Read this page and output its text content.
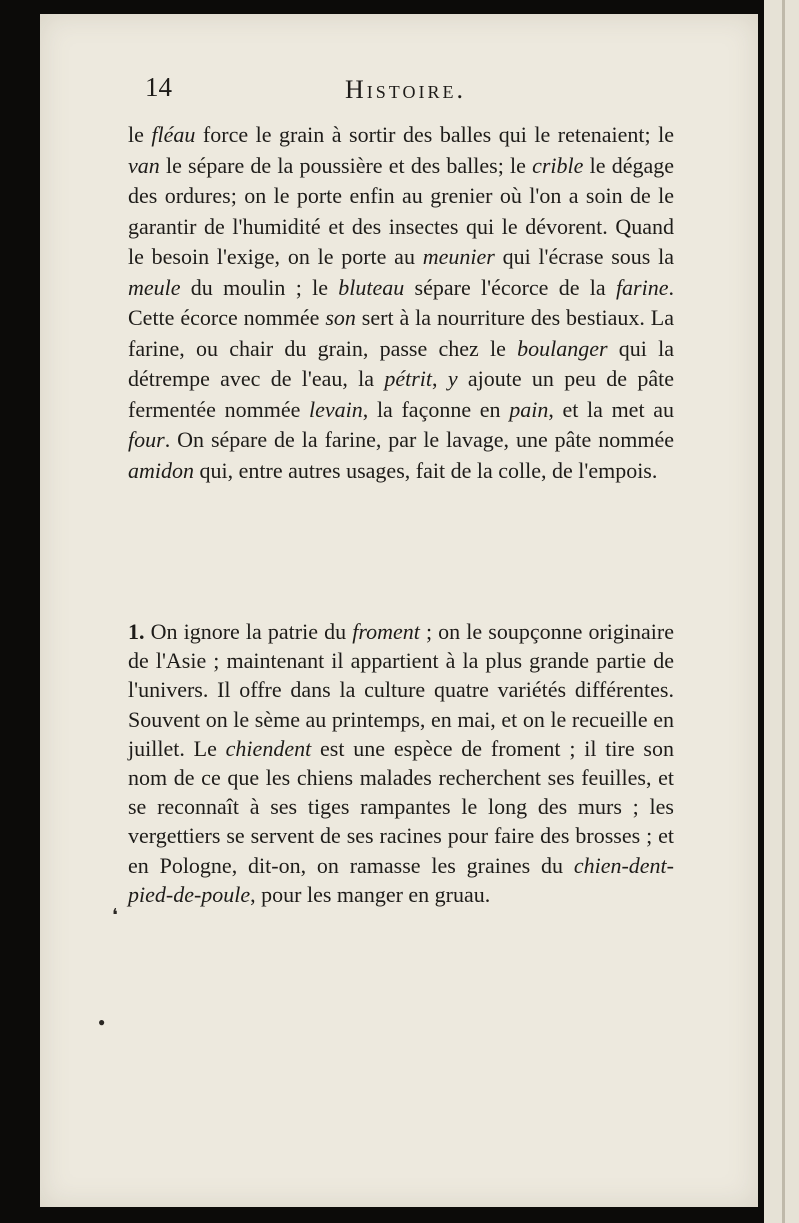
14	Histoire.

le fléau force le grain à sortir des balles qui le retenaient; le van le sépare de la poussière et des balles; le crible le dégage des ordures; on le porte enfin au grenier où l'on a soin de le garantir de l'humidité et des insectes qui le dévorent. Quand le besoin l'exige, on le porte au meunier qui l'écrase sous la meule du moulin ; le bluteau sépare l'écorce de la farine. Cette écorce nommée son sert à la nourriture des bestiaux. La farine, ou chair du grain, passe chez le boulanger qui la détrempe avec de l'eau, la pétrit, y ajoute un peu de pâte fermentée nommée levain, la façonne en pain, et la met au four. On sépare de la farine, par le lavage, une pâte nommée amidon qui, entre autres usages, fait de la colle, de l'empois.

1. On ignore la patrie du froment ; on le soupçonne originaire de l'Asie ; maintenant il appartient à la plus grande partie de l'univers. Il offre dans la culture quatre variétés différentes. Souvent on le sème au printemps, en mai, et on le recueille en juillet. Le chiendent est une espèce de froment ; il tire son nom de ce que les chiens malades recherchent ses feuilles, et se reconnaît à ses tiges rampantes le long des murs ; les vergettiers se servent de ses racines pour faire des brosses ; et en Pologne, dit-on, on ramasse les graines du chien-dent-pied-de-poule, pour les manger en gruau.

❛
●
